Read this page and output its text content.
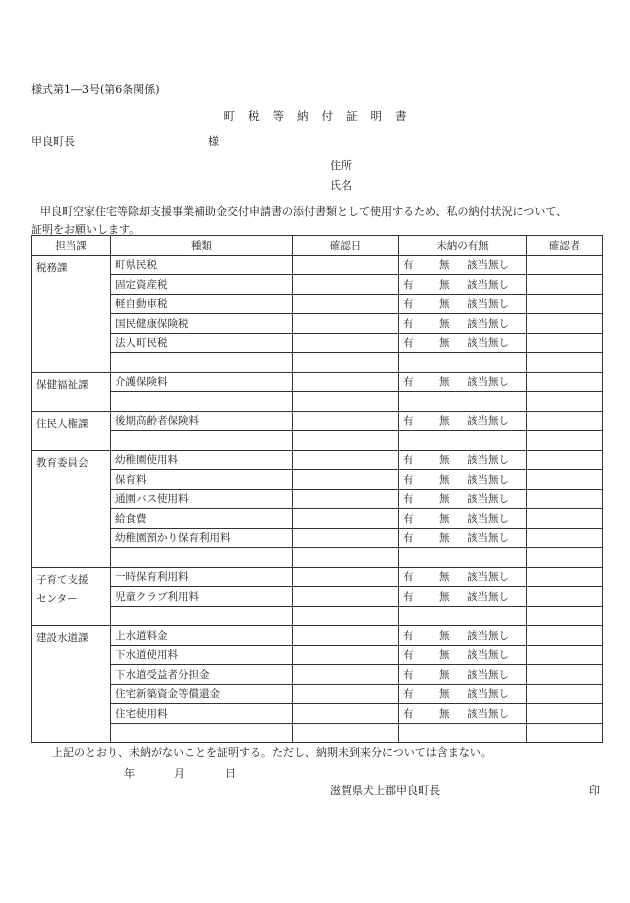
様式第1―3号(第6条関係)
町税等納付証明書
甲良町長	様
住所
氏名
甲良町空家住宅等除却支援事業補助金交付申請書の添付書類として使用するため、私の納付状況について、
証明をお願いします。
担当課	種類	確認日	未納の有無	確認者

税務課	町県民税		有 無 該当無し	
	固定資産税		有 無 該当無し	
	軽自動車税		有 無 該当無し	
	国民健康保険税		有 無 該当無し	
	法人町民税		有 無 該当無し	

保健福祉課	介護保険料		有 無 該当無し	

住民人権課	後期高齢者保険料		有 無 該当無し	

教育委員会	幼稚園使用料		有 無 該当無し	
	保育料		有 無 該当無し	
	通園バス使用料		有 無 該当無し	
	給食費		有 無 該当無し	
	幼稚園預かり保育利用料		有 無 該当無し	

子育て支援
センター	一時保育利用料		有 無 該当無し	
	児童クラブ利用料		有 無 該当無し	

建設水道課	上水道料金		有 無 該当無し	
	下水道使用料		有 無 該当無し	
	下水道受益者分担金		有 無 該当無し	
	住宅新築資金等償還金		有 無 該当無し	
	住宅使用料		有 無 該当無し	

上記のとおり、未納がないことを証明する。ただし、納期未到来分については含まない。
年	月	日
滋賀県犬上郡甲良町長	印
